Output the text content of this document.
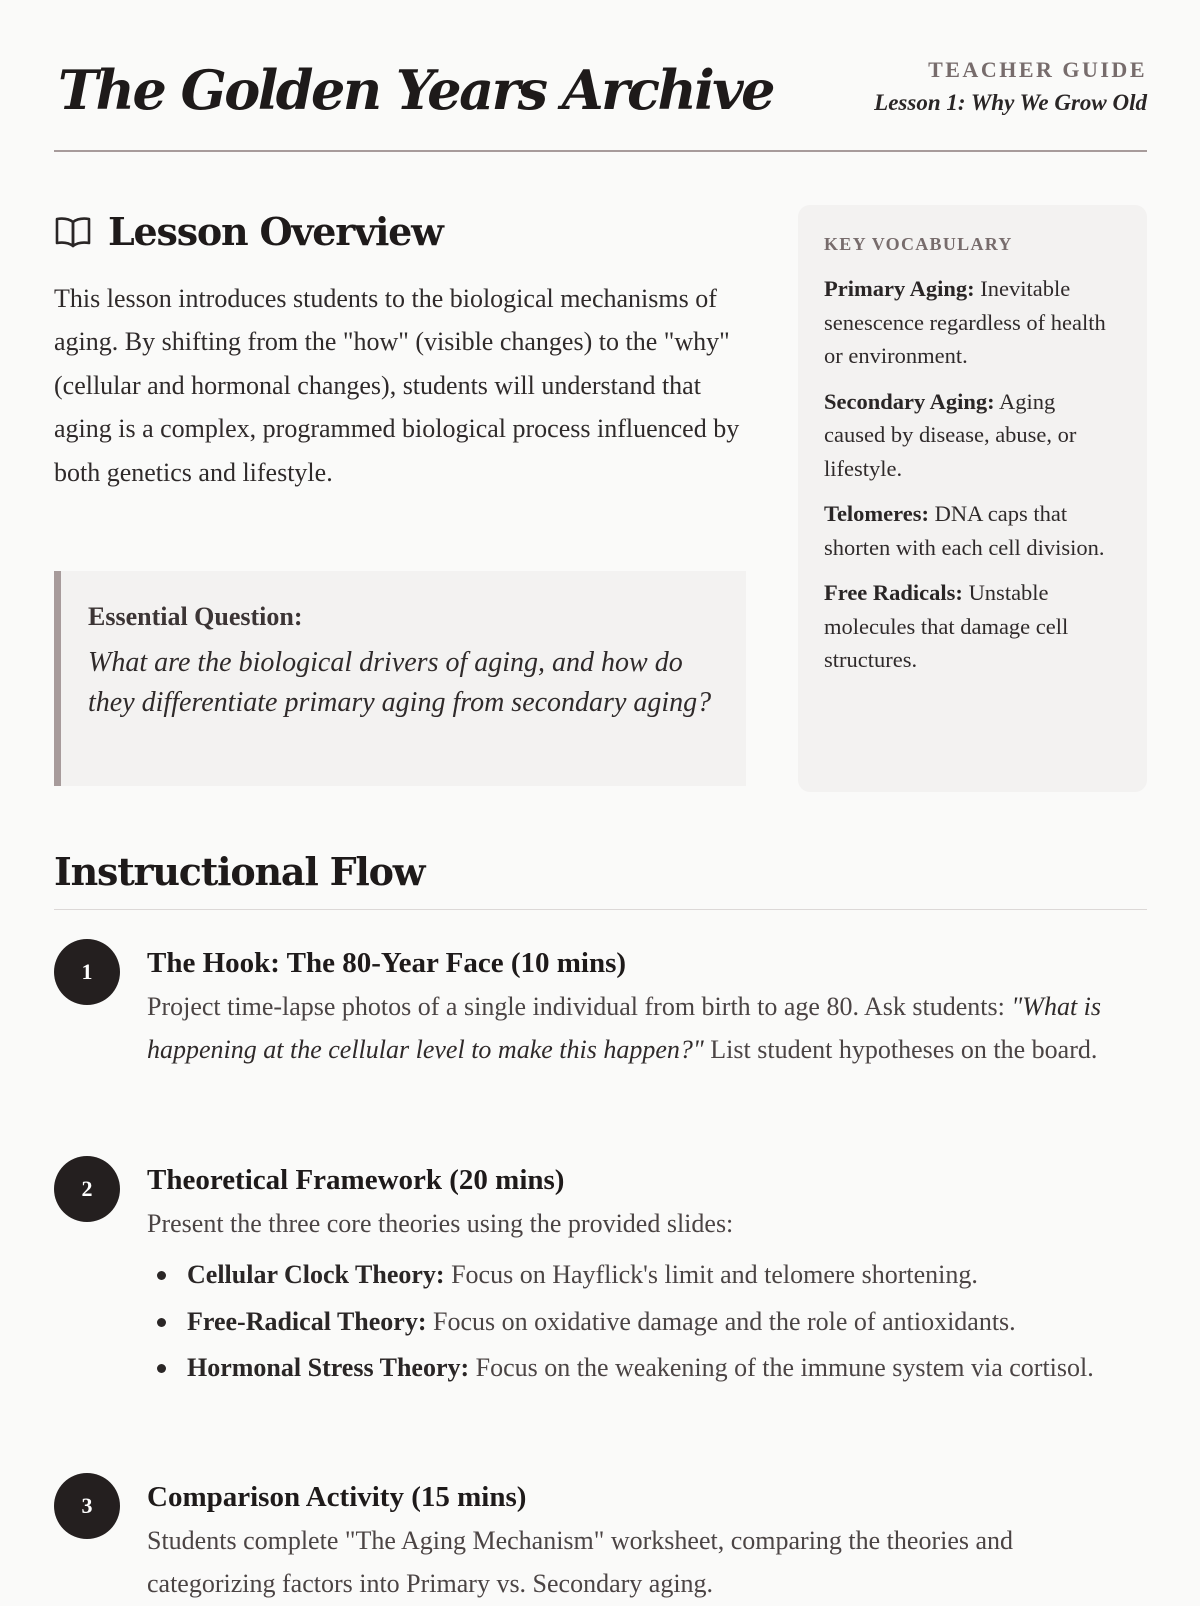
The Golden Years Archive	TEACHER GUIDE
Lesson 1: Why We Grow Old
Lesson Overview

This lesson introduces students to the biological mechanisms of aging. By shifting from the "how" (visible changes) to the "why" (cellular and hormonal changes), students will understand that aging is a complex, programmed biological process influenced by both genetics and lifestyle.

Essential Question:
What are the biological drivers of aging, and how do they differentiate primary aging from secondary aging?
KEY VOCABULARY
Primary Aging: Inevitable senescence regardless of health or environment.
Secondary Aging: Aging caused by disease, abuse, or lifestyle.
Telomeres: DNA caps that shorten with each cell division.
Free Radicals: Unstable molecules that damage cell structures.
Instructional Flow
1	The Hook: The 80-Year Face (10 mins)

Project time-lapse photos of a single individual from birth to age 80. Ask students: "What is happening at the cellular level to make this happen?" List student hypotheses on the board.

2	Theoretical Framework (20 mins)

Present the three core theories using the provided slides:

Cellular Clock Theory: Focus on Hayflick's limit and telomere shortening.
Free-Radical Theory: Focus on oxidative damage and the role of antioxidants.
Hormonal Stress Theory: Focus on the weakening of the immune system via cortisol.
3	Comparison Activity (15 mins)

Students complete "The Aging Mechanism" worksheet, comparing the theories and categorizing factors into Primary vs. Secondary aging.
